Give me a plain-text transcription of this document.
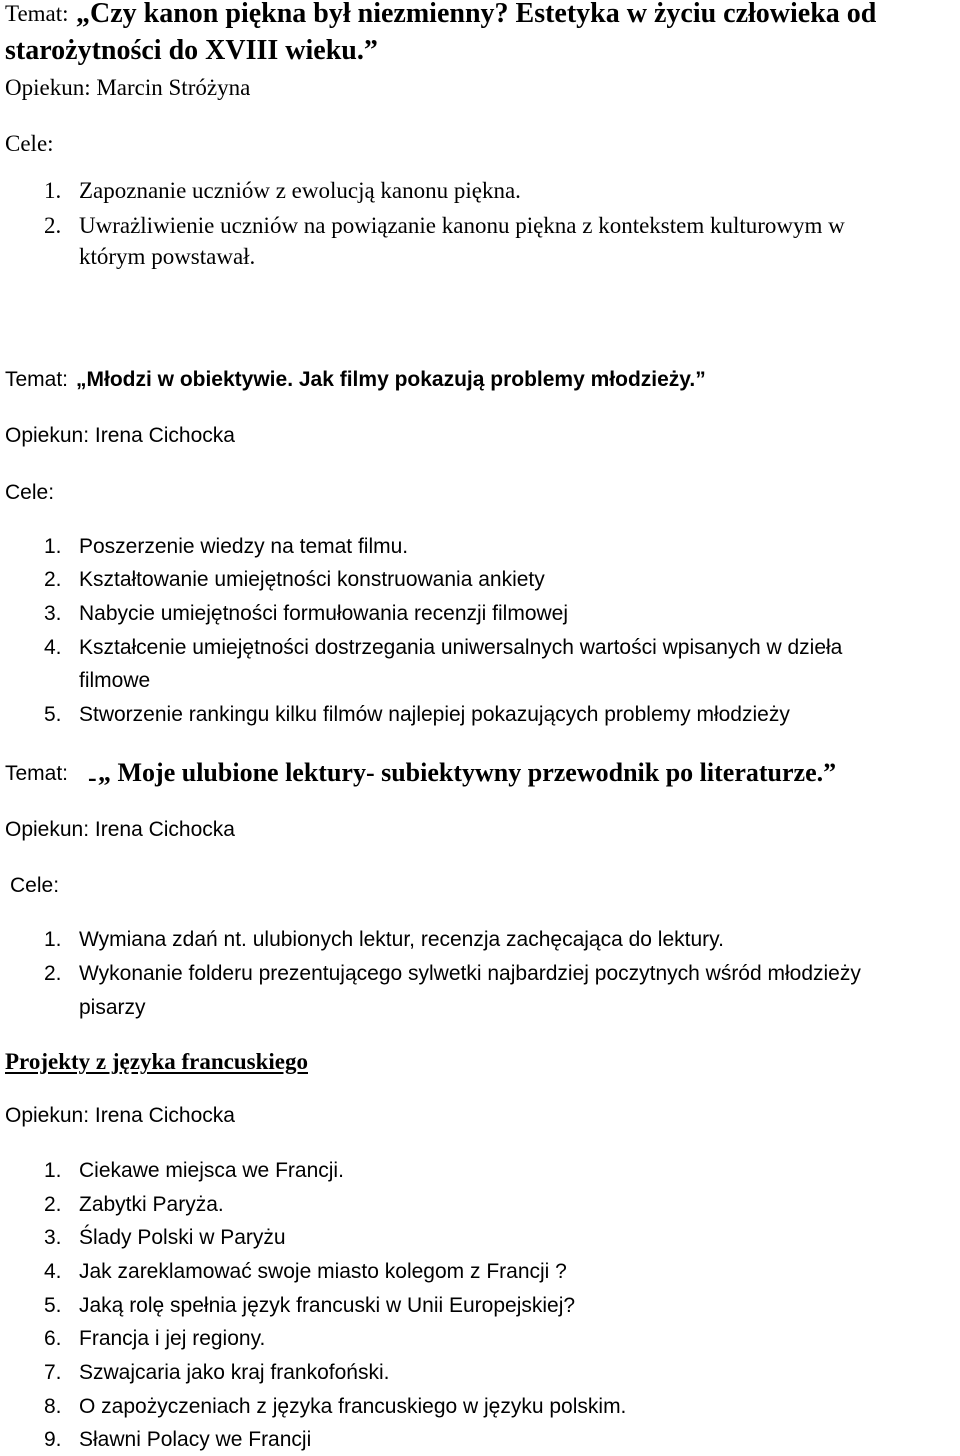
Temat: „Czy kanon piękna był niezmienny? Estetyka w życiu człowieka od
starożytności do XVIII wieku.”
Opiekun: Marcin Stróżyna
Cele:
1. Zapoznanie uczniów z ewolucją kanonu piękna.
2. Uwrażliwienie uczniów na powiązanie kanonu piękna z kontekstem kulturowym w
którym powstawał.
Temat: „Młodzi w obiektywie. Jak filmy pokazują problemy młodzieży.”
Opiekun: Irena Cichocka
Cele:
1. Poszerzenie wiedzy na temat filmu.
2. Kształtowanie umiejętności konstruowania ankiety
3. Nabycie umiejętności formułowania recenzji filmowej
4. Kształcenie umiejętności dostrzegania uniwersalnych wartości wpisanych w dzieła
filmowe
5. Stworzenie rankingu kilku filmów najlepiej pokazujących problemy młodzieży
Temat: - „ Moje ulubione lektury- subiektywny przewodnik po literaturze.”
Opiekun: Irena Cichocka
Cele:
1. Wymiana zdań nt. ulubionych lektur, recenzja zachęcająca do lektury.
2. Wykonanie folderu prezentującego sylwetki najbardziej poczytnych wśród młodzieży
pisarzy
Projekty z języka francuskiego
Opiekun: Irena Cichocka
1. Ciekawe miejsca we Francji.
2. Zabytki Paryża.
3. Ślady Polski w Paryżu
4. Jak zareklamować swoje miasto kolegom z Francji ?
5. Jaką rolę spełnia język francuski w Unii Europejskiej?
6. Francja i jej regiony.
7. Szwajcaria jako kraj frankofoński.
8. O zapożyczeniach z języka francuskiego w języku polskim.
9. Sławni Polacy we Francji
